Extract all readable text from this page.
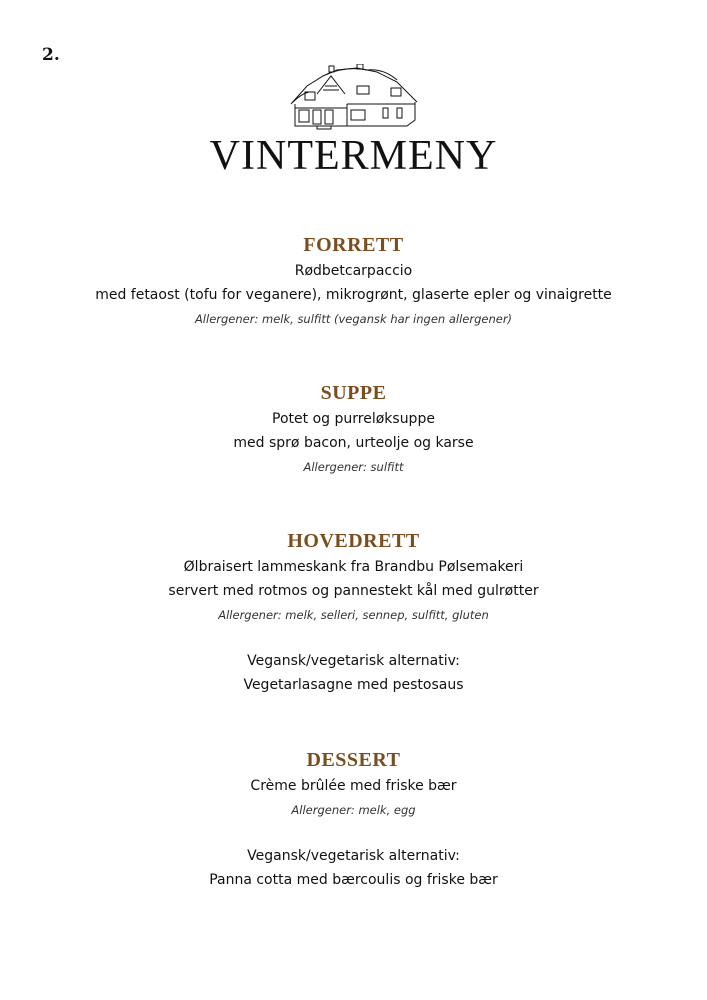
2.
VINTERMENY
FORRETT
Rødbetcarpaccio
med fetaost (tofu for veganere), mikrogrønt, glaserte epler og vinaigrette
Allergener: melk, sulfitt (vegansk har ingen allergener)
SUPPE
Potet og purreløksuppe
med sprø bacon, urteolje og karse
Allergener: sulfitt
HOVEDRETT
Ølbraisert lammeskank fra Brandbu Pølsemakeri
servert med rotmos og pannestekt kål med gulrøtter
Allergener: melk, selleri, sennep, sulfitt, gluten
Vegansk/vegetarisk alternativ:
Vegetarlasagne med pestosaus
DESSERT
Crème brûlée med friske bær
Allergener: melk, egg
Vegansk/vegetarisk alternativ:
Panna cotta med bærcoulis og friske bær
